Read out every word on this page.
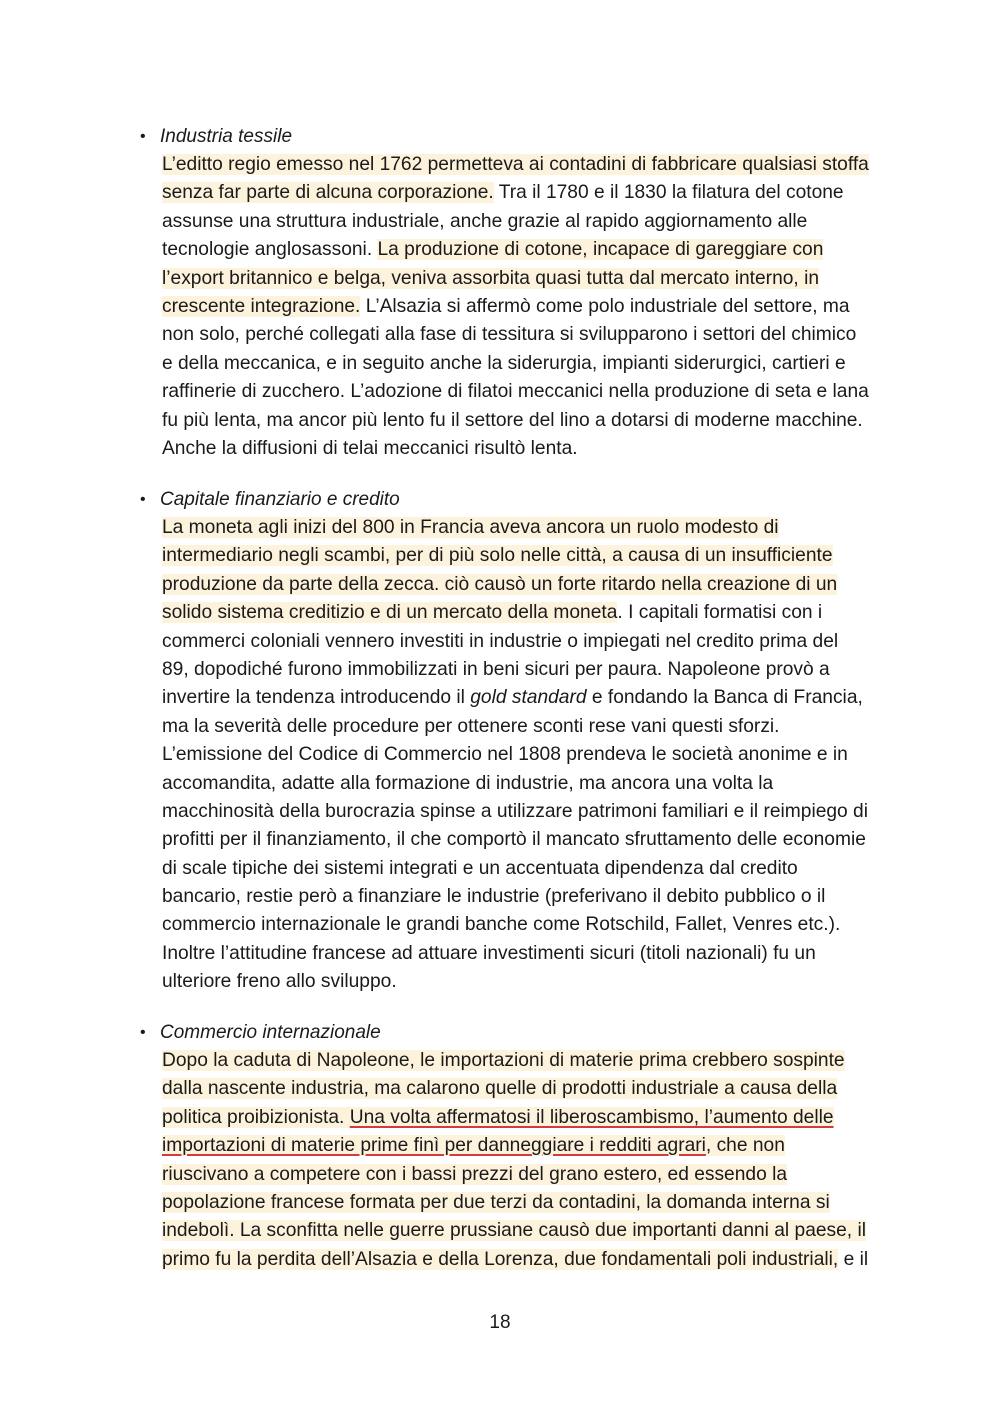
• Industria tessile
L’editto regio emesso nel 1762 permetteva ai contadini di fabbricare qualsiasi stoffa
senza far parte di alcuna corporazione. Tra il 1780 e il 1830 la filatura del cotone
assunse una struttura industriale, anche grazie al rapido aggiornamento alle
tecnologie anglosassoni. La produzione di cotone, incapace di gareggiare con
l’export britannico e belga, veniva assorbita quasi tutta dal mercato interno, in
crescente integrazione. L’Alsazia si affermò come polo industriale del settore, ma
non solo, perché collegati alla fase di tessitura si svilupparono i settori del chimico
e della meccanica, e in seguito anche la siderurgia, impianti siderurgici, cartieri e
raffinerie di zucchero. L’adozione di filatoi meccanici nella produzione di seta e lana
fu più lenta, ma ancor più lento fu il settore del lino a dotarsi di moderne macchine.
Anche la diffusioni di telai meccanici risultò lenta.
• Capitale finanziario e credito
La moneta agli inizi del 800 in Francia aveva ancora un ruolo modesto di
intermediario negli scambi, per di più solo nelle città, a causa di un insufficiente
produzione da parte della zecca. ciò causò un forte ritardo nella creazione di un
solido sistema creditizio e di un mercato della moneta. I capitali formatisi con i
commerci coloniali vennero investiti in industrie o impiegati nel credito prima del
89, dopodiché furono immobilizzati in beni sicuri per paura. Napoleone provò a
invertire la tendenza introducendo il gold standard e fondando la Banca di Francia,
ma la severità delle procedure per ottenere sconti rese vani questi sforzi.
L’emissione del Codice di Commercio nel 1808 prendeva le società anonime e in
accomandita, adatte alla formazione di industrie, ma ancora una volta la
macchinosità della burocrazia spinse a utilizzare patrimoni familiari e il reimpiego di
profitti per il finanziamento, il che comportò il mancato sfruttamento delle economie
di scale tipiche dei sistemi integrati e un accentuata dipendenza dal credito
bancario, restie però a finanziare le industrie (preferivano il debito pubblico o il
commercio internazionale le grandi banche come Rotschild, Fallet, Venres etc.).
Inoltre l’attitudine francese ad attuare investimenti sicuri (titoli nazionali) fu un
ulteriore freno allo sviluppo.
• Commercio internazionale
Dopo la caduta di Napoleone, le importazioni di materie prima crebbero sospinte
dalla nascente industria, ma calarono quelle di prodotti industriale a causa della
politica proibizionista. Una volta affermatosi il liberoscambismo, l’aumento delle
importazioni di materie prime finì per danneggiare i redditi agrari, che non
riuscivano a competere con i bassi prezzi del grano estero, ed essendo la
popolazione francese formata per due terzi da contadini, la domanda interna si
indebolì. La sconfitta nelle guerre prussiane causò due importanti danni al paese, il
primo fu la perdita dell’Alsazia e della Lorenza, due fondamentali poli industriali, e il
18
